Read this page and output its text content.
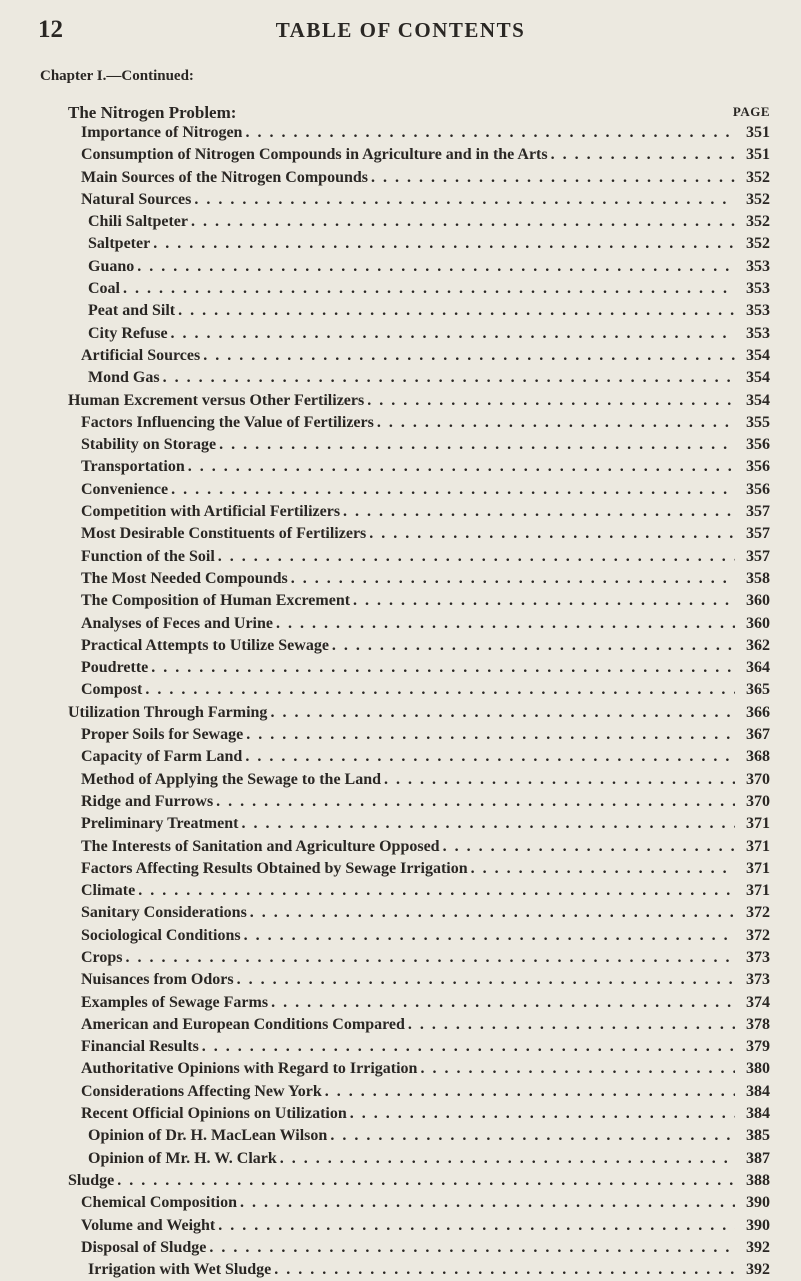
12	TABLE OF CONTENTS
Chapter I.—Continued:
The Nitrogen Problem:	PAGE
Importance of Nitrogen . . .	351
Consumption of Nitrogen Compounds in Agriculture and in the Arts . . .	351
Main Sources of the Nitrogen Compounds . . .	352
Natural Sources . . .	352
Chili Saltpeter . . .	352
Saltpeter . . .	352
Guano . . .	353
Coal . . .	353
Peat and Silt . . .	353
City Refuse . . .	353
Artificial Sources . . .	354
Mond Gas . . .	354
Human Excrement versus Other Fertilizers . . .	354
Factors Influencing the Value of Fertilizers . . .	355
Stability on Storage . . .	356
Transportation . . .	356
Convenience . . .	356
Competition with Artificial Fertilizers . . .	357
Most Desirable Constituents of Fertilizers . . .	357
Function of the Soil . . .	357
The Most Needed Compounds . . .	358
The Composition of Human Excrement . . .	360
Analyses of Feces and Urine . . .	360
Practical Attempts to Utilize Sewage . . .	362
Poudrette . . .	364
Compost . . .	365
Utilization Through Farming . . .	366
Proper Soils for Sewage . . .	367
Capacity of Farm Land . . .	368
Method of Applying the Sewage to the Land . . .	370
Ridge and Furrows . . .	370
Preliminary Treatment . . .	371
The Interests of Sanitation and Agriculture Opposed . . .	371
Factors Affecting Results Obtained by Sewage Irrigation . . .	371
Climate . . .	371
Sanitary Considerations . . .	372
Sociological Conditions . . .	372
Crops . . .	373
Nuisances from Odors . . .	373
Examples of Sewage Farms . . .	374
American and European Conditions Compared . . .	378
Financial Results . . .	379
Authoritative Opinions with Regard to Irrigation . . .	380
Considerations Affecting New York . . .	384
Recent Official Opinions on Utilization . . .	384
Opinion of Dr. H. MacLean Wilson . . .	385
Opinion of Mr. H. W. Clark . . .	387
Sludge . . .	388
Chemical Composition . . .	390
Volume and Weight . . .	390
Disposal of Sludge . . .	392
Irrigation with Wet Sludge . . .	392
